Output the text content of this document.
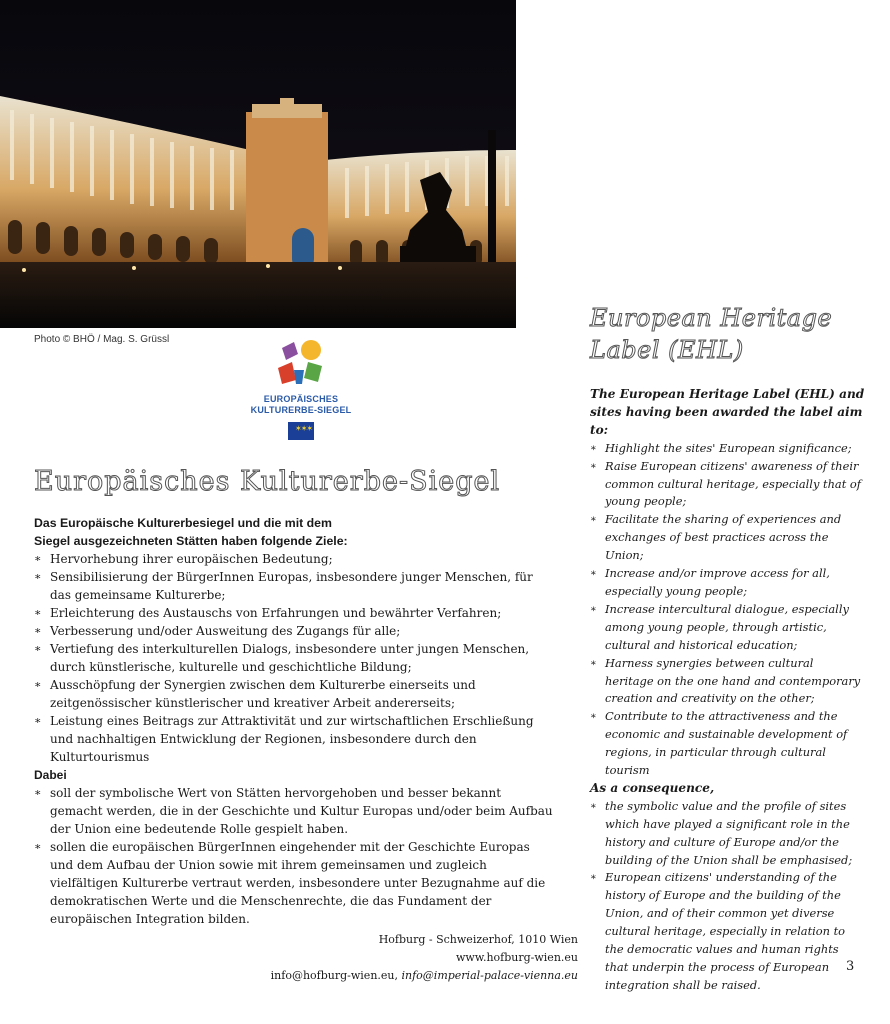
Photo © BHÖ / Mag. S. Grüssl
EUROPÄISCHES
KULTURERBE-SIEGEL
✶✶✶
Europäisches Kulturerbe-Siegel
European Heritage
Label (EHL)
Das Europäische Kulturerbesiegel und die mit dem
Siegel ausgezeichneten Stätten haben folgende Ziele:
∗ Hervorhebung ihrer europäischen Bedeutung;
∗ Sensibilisierung der BürgerInnen Europas, insbesondere junger Menschen, für das gemeinsame Kulturerbe;
∗ Erleichterung des Austauschs von Erfahrungen und bewährter Verfahren;
∗ Verbesserung und/oder Ausweitung des Zugangs für alle;
∗ Vertiefung des interkulturellen Dialogs, insbesondere unter jungen Menschen, durch künstlerische, kulturelle und geschichtliche Bildung;
∗ Ausschöpfung der Synergien zwischen dem Kulturerbe einerseits und zeitgenössischer künstlerischer und kreativer Arbeit andererseits;
∗ Leistung eines Beitrags zur Attraktivität und zur wirtschaftlichen Erschließung und nachhaltigen Entwicklung der Regionen, insbesondere durch den Kulturtourismus
Dabei
∗ soll der symbolische Wert von Stätten hervorgehoben und besser bekannt gemacht werden, die in der Geschichte und Kultur Europas und/oder beim Aufbau der Union eine bedeutende Rolle gespielt haben.
∗ sollen die europäischen BürgerInnen eingehender mit der Geschichte Europas und dem Aufbau der Union sowie mit ihrem gemeinsamen und zugleich vielfältigen Kulturerbe vertraut werden, insbesondere unter Bezugnahme auf die demokratischen Werte und die Menschenrechte, die das Fundament der europäischen Integration bilden.
The European Heritage Label (EHL) and sites having been awarded the label aim to:
∗ Highlight the sites' European significance;
∗ Raise European citizens' awareness of their common cultural heritage, especially that of young people;
∗ Facilitate the sharing of experiences and exchanges of best practices across the Union;
∗ Increase and/or improve access for all, especially young people;
∗ Increase intercultural dialogue, especially among young people, through artistic, cultural and historical education;
∗ Harness synergies between cultural heritage on the one hand and contemporary creation and creativity on the other;
∗ Contribute to the attractiveness and the economic and sustainable development of regions, in particular through cultural tourism
As a consequence,
∗ the symbolic value and the profile of sites which have played a significant role in the history and culture of Europe and/or the building of the Union shall be emphasised;
∗ European citizens' understanding of the history of Europe and the building of the Union, and of their common yet diverse cultural heritage, especially in relation to the democratic values and human rights that underpin the process of European integration shall be raised.
Hofburg - Schweizerhof, 1010 Wien
www.hofburg-wien.eu
info@hofburg-wien.eu, info@imperial-palace-vienna.eu
3
